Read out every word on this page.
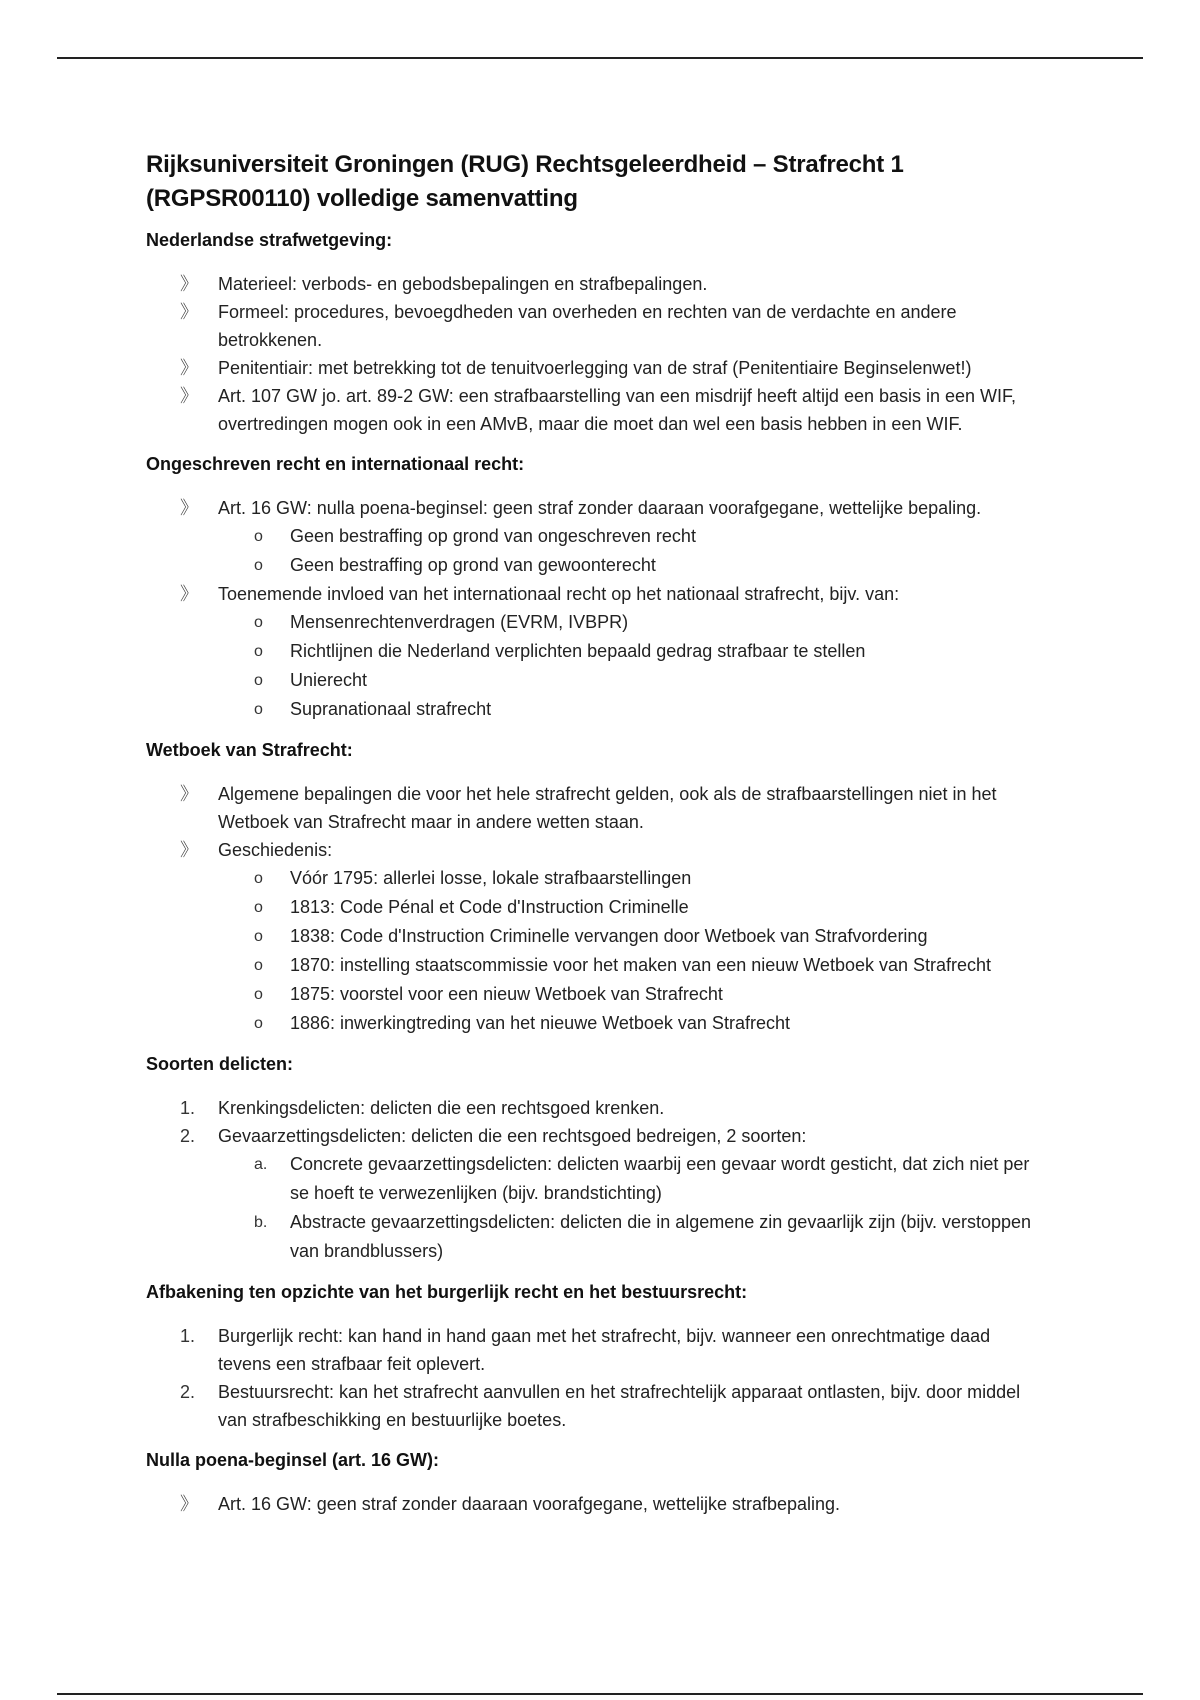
Rijksuniversiteit Groningen (RUG) Rechtsgeleerdheid – Strafrecht 1 (RGPSR00110) volledige samenvatting
Nederlandse strafwetgeving:
》 Materieel: verbods- en gebodsbepalingen en strafbepalingen.
》 Formeel: procedures, bevoegdheden van overheden en rechten van de verdachte en andere betrokkenen.
》 Penitentiair: met betrekking tot de tenuitvoerlegging van de straf (Penitentiaire Beginselenwet!)
》 Art. 107 GW jo. art. 89-2 GW: een strafbaarstelling van een misdrijf heeft altijd een basis in een WIF, overtredingen mogen ook in een AMvB, maar die moet dan wel een basis hebben in een WIF.
Ongeschreven recht en internationaal recht:
》 Art. 16 GW: nulla poena-beginsel: geen straf zonder daaraan voorafgegane, wettelijke bepaling.
o Geen bestraffing op grond van ongeschreven recht
o Geen bestraffing op grond van gewoonterecht
》 Toenemende invloed van het internationaal recht op het nationaal strafrecht, bijv. van:
o Mensenrechtenverdragen (EVRM, IVBPR)
o Richtlijnen die Nederland verplichten bepaald gedrag strafbaar te stellen
o Unierecht
o Supranationaal strafrecht
Wetboek van Strafrecht:
》 Algemene bepalingen die voor het hele strafrecht gelden, ook als de strafbaarstellingen niet in het Wetboek van Strafrecht maar in andere wetten staan.
》 Geschiedenis:
o Vóór 1795: allerlei losse, lokale strafbaarstellingen
o 1813: Code Pénal et Code d'Instruction Criminelle
o 1838: Code d'Instruction Criminelle vervangen door Wetboek van Strafvordering
o 1870: instelling staatscommissie voor het maken van een nieuw Wetboek van Strafrecht
o 1875: voorstel voor een nieuw Wetboek van Strafrecht
o 1886: inwerkingtreding van het nieuwe Wetboek van Strafrecht
Soorten delicten:
1. Krenkingsdelicten: delicten die een rechtsgoed krenken.
2. Gevaarzettingsdelicten: delicten die een rechtsgoed bedreigen, 2 soorten:
a. Concrete gevaarzettingsdelicten: delicten waarbij een gevaar wordt gesticht, dat zich niet per se hoeft te verwezenlijken (bijv. brandstichting)
b. Abstracte gevaarzettingsdelicten: delicten die in algemene zin gevaarlijk zijn (bijv. verstoppen van brandblussers)
Afbakening ten opzichte van het burgerlijk recht en het bestuursrecht:
1. Burgerlijk recht: kan hand in hand gaan met het strafrecht, bijv. wanneer een onrechtmatige daad tevens een strafbaar feit oplevert.
2. Bestuursrecht: kan het strafrecht aanvullen en het strafrechtelijk apparaat ontlasten, bijv. door middel van strafbeschikking en bestuurlijke boetes.
Nulla poena-beginsel (art. 16 GW):
》 Art. 16 GW: geen straf zonder daaraan voorafgegane, wettelijke strafbepaling.
